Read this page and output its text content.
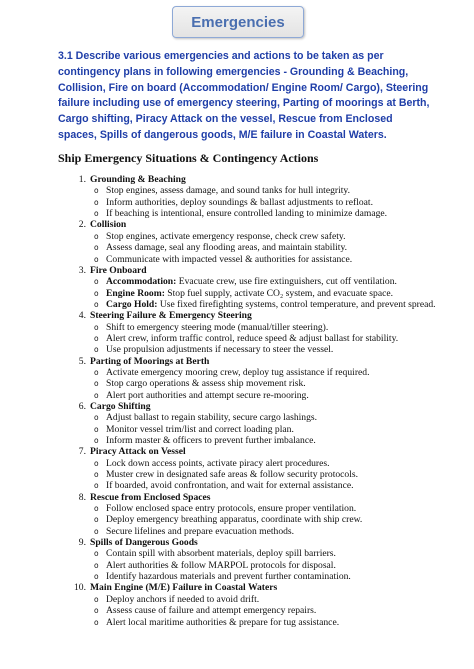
Emergencies
3.1 Describe various emergencies and actions to be taken as per contingency plans in following emergencies - Grounding & Beaching, Collision, Fire on board (Accommodation/ Engine Room/ Cargo), Steering failure including use of emergency steering, Parting of moorings at Berth, Cargo shifting, Piracy Attack on the vessel, Rescue from Enclosed spaces, Spills of dangerous goods, M/E failure in Coastal Waters.
Ship Emergency Situations & Contingency Actions
1. Grounding & Beaching
o Stop engines, assess damage, and sound tanks for hull integrity.
o Inform authorities, deploy soundings & ballast adjustments to refloat.
o If beaching is intentional, ensure controlled landing to minimize damage.
2. Collision
o Stop engines, activate emergency response, check crew safety.
o Assess damage, seal any flooding areas, and maintain stability.
o Communicate with impacted vessel & authorities for assistance.
3. Fire Onboard
o Accommodation: Evacuate crew, use fire extinguishers, cut off ventilation.
o Engine Room: Stop fuel supply, activate CO₂ system, and evacuate space.
o Cargo Hold: Use fixed firefighting systems, control temperature, and prevent spread.
4. Steering Failure & Emergency Steering
o Shift to emergency steering mode (manual/tiller steering).
o Alert crew, inform traffic control, reduce speed & adjust ballast for stability.
o Use propulsion adjustments if necessary to steer the vessel.
5. Parting of Moorings at Berth
o Activate emergency mooring crew, deploy tug assistance if required.
o Stop cargo operations & assess ship movement risk.
o Alert port authorities and attempt secure re-mooring.
6. Cargo Shifting
o Adjust ballast to regain stability, secure cargo lashings.
o Monitor vessel trim/list and correct loading plan.
o Inform master & officers to prevent further imbalance.
7. Piracy Attack on Vessel
o Lock down access points, activate piracy alert procedures.
o Muster crew in designated safe areas & follow security protocols.
o If boarded, avoid confrontation, and wait for external assistance.
8. Rescue from Enclosed Spaces
o Follow enclosed space entry protocols, ensure proper ventilation.
o Deploy emergency breathing apparatus, coordinate with ship crew.
o Secure lifelines and prepare evacuation methods.
9. Spills of Dangerous Goods
o Contain spill with absorbent materials, deploy spill barriers.
o Alert authorities & follow MARPOL protocols for disposal.
o Identify hazardous materials and prevent further contamination.
10. Main Engine (M/E) Failure in Coastal Waters
o Deploy anchors if needed to avoid drift.
o Assess cause of failure and attempt emergency repairs.
o Alert local maritime authorities & prepare for tug assistance.
